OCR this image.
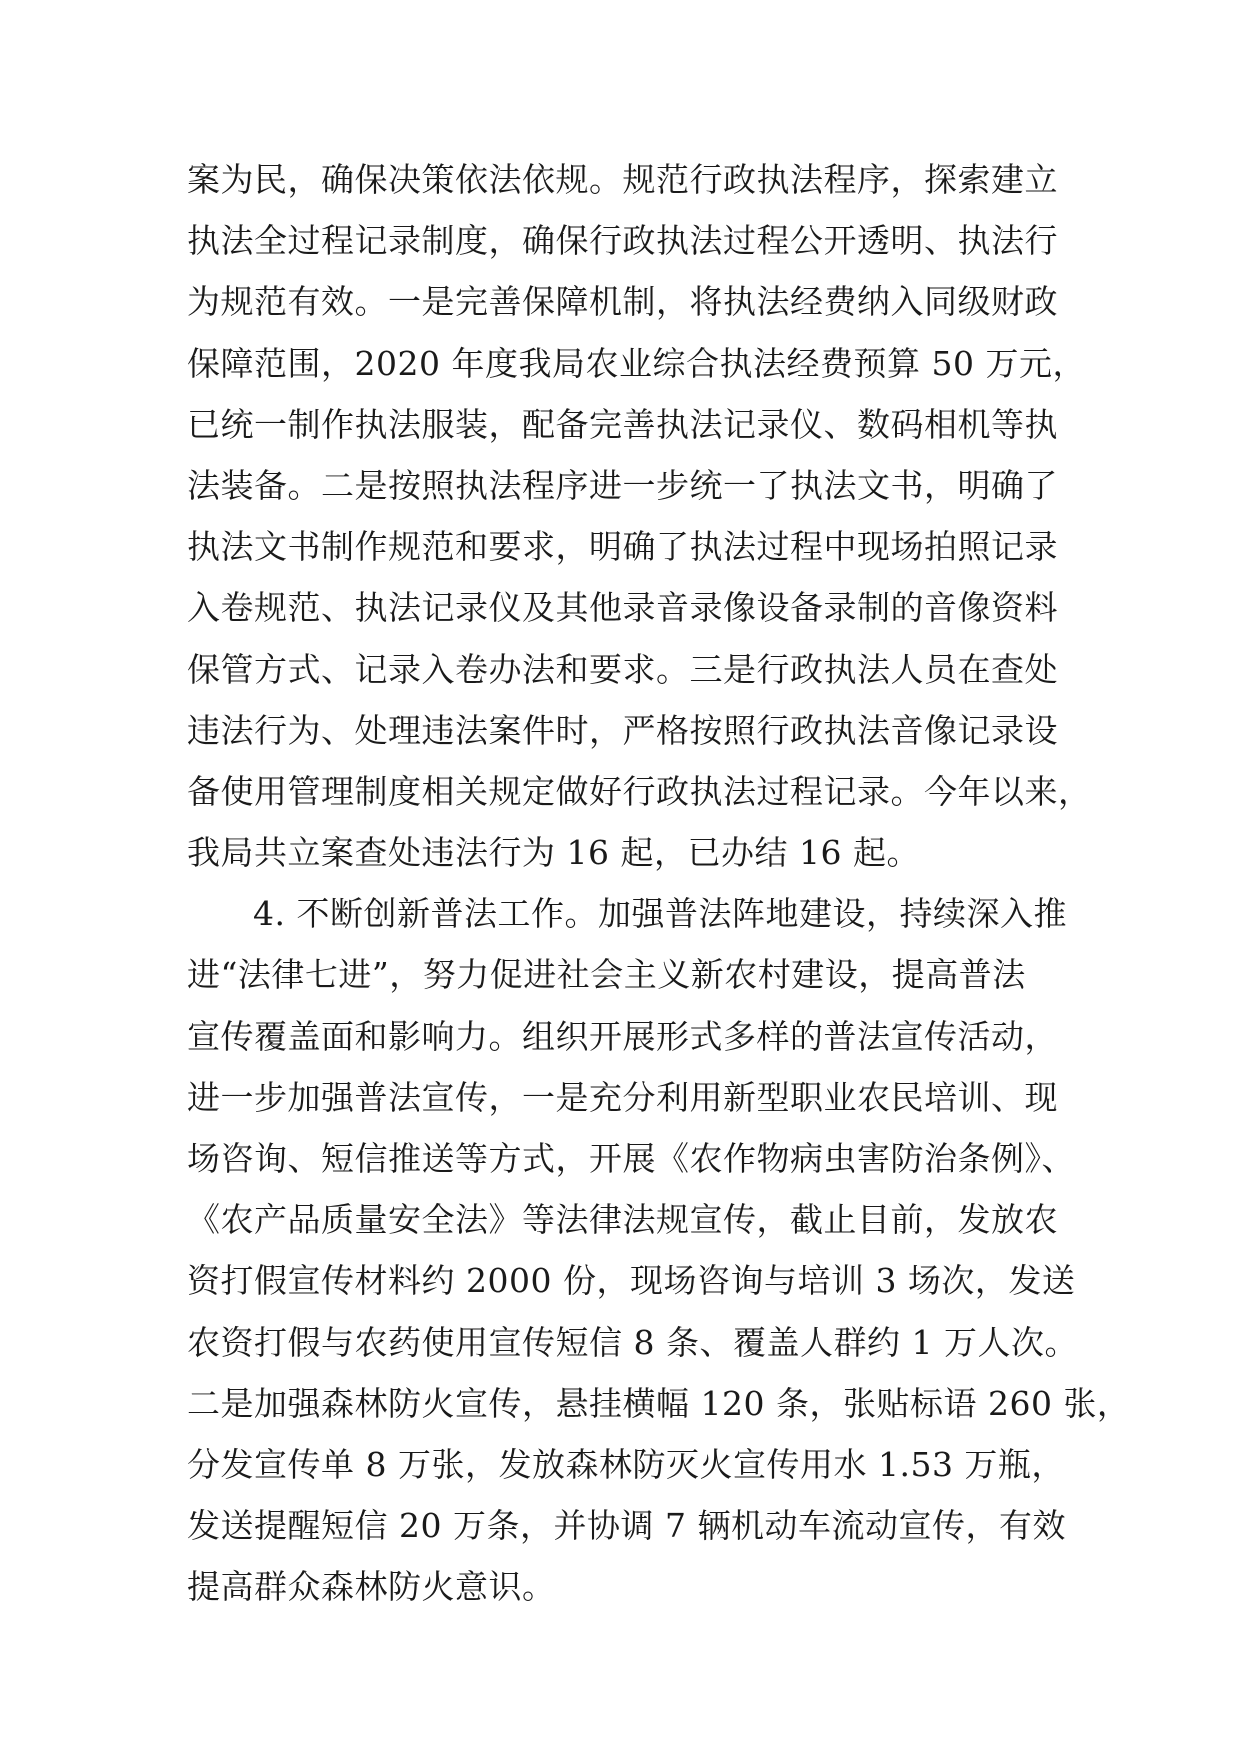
案为民，确保决策依法依规。规范行政执法程序，探索建立
执法全过程记录制度，确保行政执法过程公开透明、执法行
为规范有效。一是完善保障机制，将执法经费纳入同级财政
保障范围，2020 年度我局农业综合执法经费预算 50 万元，
已统一制作执法服装，配备完善执法记录仪、数码相机等执
法装备。二是按照执法程序进一步统一了执法文书，明确了
执法文书制作规范和要求，明确了执法过程中现场拍照记录
入卷规范、执法记录仪及其他录音录像设备录制的音像资料
保管方式、记录入卷办法和要求。三是行政执法人员在查处
违法行为、处理违法案件时，严格按照行政执法音像记录设
备使用管理制度相关规定做好行政执法过程记录。今年以来，
我局共立案查处违法行为 16 起，已办结 16 起。
4. 不断创新普法工作。加强普法阵地建设，持续深入推
进“法律七进”，努力促进社会主义新农村建设，提高普法
宣传覆盖面和影响力。组织开展形式多样的普法宣传活动，
进一步加强普法宣传，一是充分利用新型职业农民培训、现
场咨询、短信推送等方式，开展《农作物病虫害防治条例》、
《农产品质量安全法》等法律法规宣传，截止目前，发放农
资打假宣传材料约 2000 份，现场咨询与培训 3 场次，发送
农资打假与农药使用宣传短信 8 条、覆盖人群约 1 万人次。
二是加强森林防火宣传，悬挂横幅 120 条，张贴标语 260 张，
分发宣传单 8 万张，发放森林防灭火宣传用水 1.53 万瓶，
发送提醒短信 20 万条，并协调 7 辆机动车流动宣传，有效
提高群众森林防火意识。
